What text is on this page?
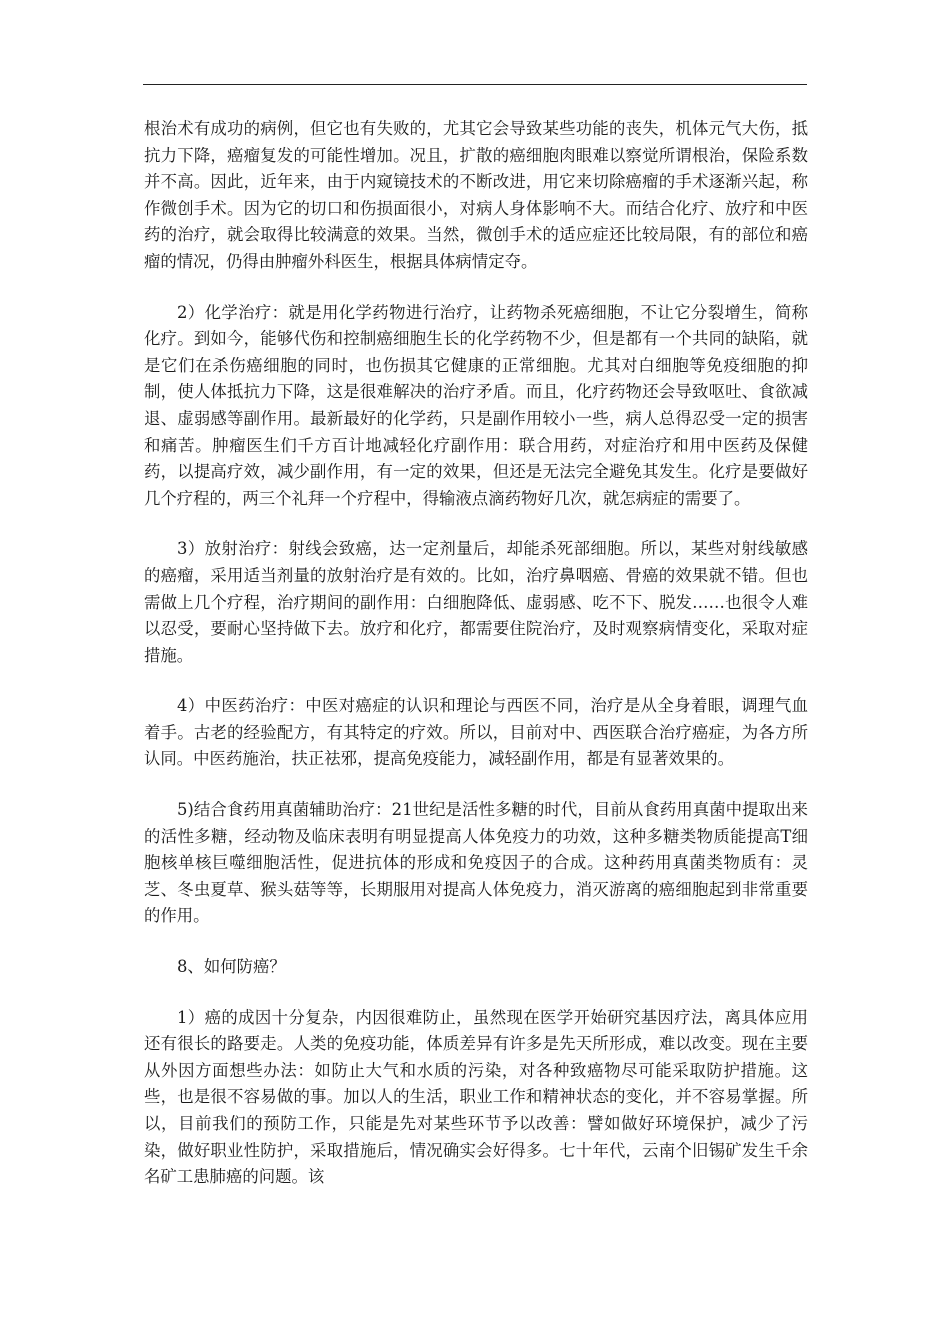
根治术有成功的病例，但它也有失败的，尤其它会导致某些功能的丧失，机体元气大伤，抵抗力下降，癌瘤复发的可能性增加。况且，扩散的癌细胞肉眼难以察觉所谓根治，保险系数并不高。因此，近年来，由于内窥镜技术的不断改进，用它来切除癌瘤的手术逐渐兴起，称作微创手术。因为它的切口和伤损面很小，对病人身体影响不大。而结合化疗、放疗和中医药的治疗，就会取得比较满意的效果。当然，微创手术的适应症还比较局限，有的部位和癌瘤的情况，仍得由肿瘤外科医生，根据具体病情定夺。

2）化学治疗：就是用化学药物进行治疗，让药物杀死癌细胞，不让它分裂增生，简称化疗。到如今，能够代伤和控制癌细胞生长的化学药物不少，但是都有一个共同的缺陷，就是它们在杀伤癌细胞的同时，也伤损其它健康的正常细胞。尤其对白细胞等免疫细胞的抑制，使人体抵抗力下降，这是很难解决的治疗矛盾。而且，化疗药物还会导致呕吐、食欲减退、虚弱感等副作用。最新最好的化学药，只是副作用较小一些，病人总得忍受一定的损害和痛苦。肿瘤医生们千方百计地减轻化疗副作用：联合用药，对症治疗和用中医药及保健药，以提高疗效，减少副作用，有一定的效果，但还是无法完全避免其发生。化疗是要做好几个疗程的，两三个礼拜一个疗程中，得输液点滴药物好几次，就怎病症的需要了。

3）放射治疗：射线会致癌，达一定剂量后，却能杀死部细胞。所以，某些对射线敏感的癌瘤，采用适当剂量的放射治疗是有效的。比如，治疗鼻咽癌、骨癌的效果就不错。但也需做上几个疗程，治疗期间的副作用：白细胞降低、虚弱感、吃不下、脱发……也很令人难以忍受，要耐心坚持做下去。放疗和化疗，都需要住院治疗，及时观察病情变化，采取对症措施。

4）中医药治疗：中医对癌症的认识和理论与西医不同，治疗是从全身着眼，调理气血着手。古老的经验配方，有其特定的疗效。所以，目前对中、西医联合治疗癌症，为各方所认同。中医药施治，扶正祛邪，提高免疫能力，减轻副作用，都是有显著效果的。

5)结合食药用真菌辅助治疗：21世纪是活性多糖的时代，目前从食药用真菌中提取出来的活性多糖，经动物及临床表明有明显提高人体免疫力的功效，这种多糖类物质能提高T细胞核单核巨噬细胞活性，促进抗体的形成和免疫因子的合成。这种药用真菌类物质有：灵芝、冬虫夏草、猴头菇等等，长期服用对提高人体免疫力，消灭游离的癌细胞起到非常重要的作用。

8、如何防癌？

1）癌的成因十分复杂，内因很难防止，虽然现在医学开始研究基因疗法，离具体应用还有很长的路要走。人类的免疫功能，体质差异有许多是先天所形成，难以改变。现在主要从外因方面想些办法：如防止大气和水质的污染，对各种致癌物尽可能采取防护措施。这些，也是很不容易做的事。加以人的生活，职业工作和精神状态的变化，并不容易掌握。所以，目前我们的预防工作，只能是先对某些环节予以改善：譬如做好环境保护，减少了污染，做好职业性防护，采取措施后，情况确实会好得多。七十年代，云南个旧锡矿发生千余名矿工患肺癌的问题。该
